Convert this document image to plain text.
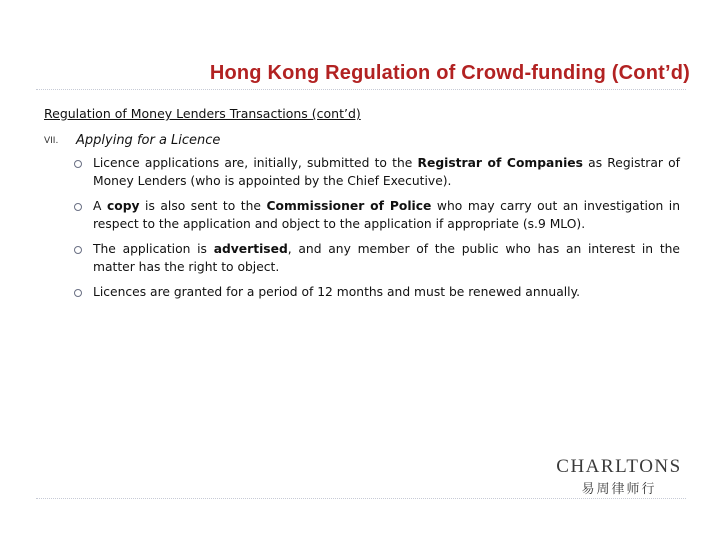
Hong Kong Regulation of Crowd-funding (Cont’d)
Regulation of Money Lenders Transactions (cont’d)
VII. Applying for a Licence
Licence applications are, initially, submitted to the Registrar of Companies as Registrar of Money Lenders (who is appointed by the Chief Executive).
A copy is also sent to the Commissioner of Police who may carry out an investigation in respect to the application and object to the application if appropriate (s.9 MLO).
The application is advertised, and any member of the public who has an interest in the matter has the right to object.
Licences are granted for a period of 12 months and must be renewed annually.
CHARLTONS
易周律师行
